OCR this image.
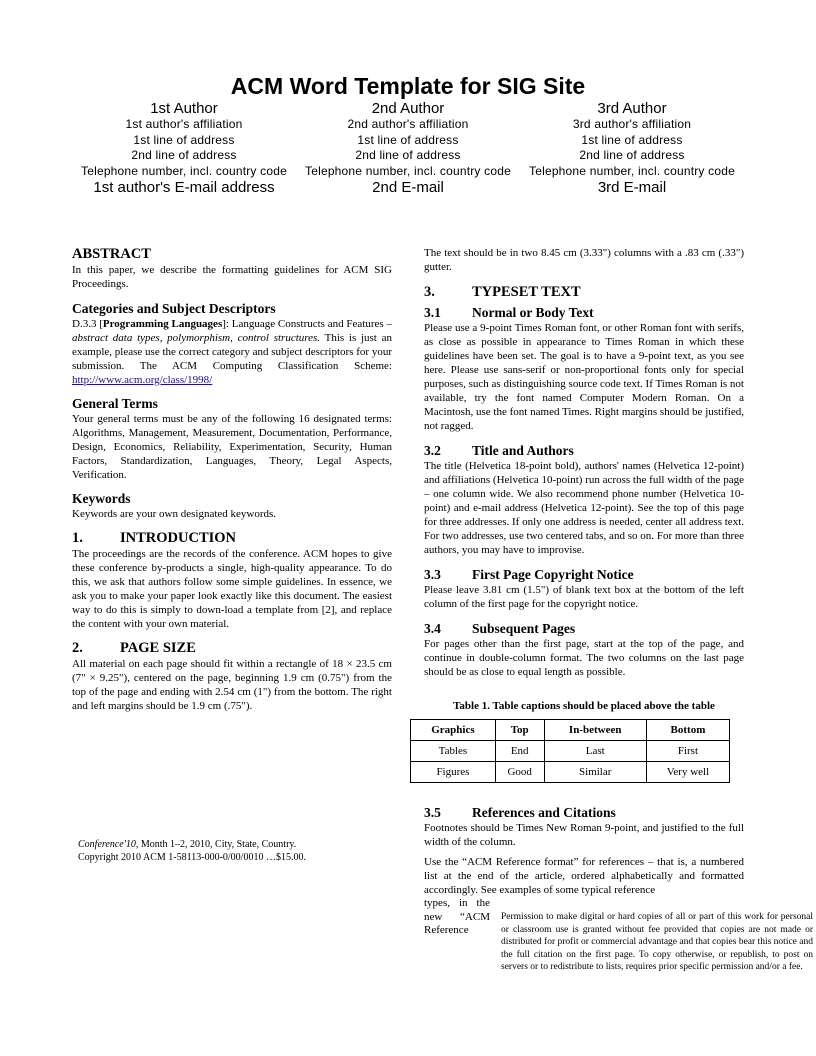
ACM Word Template for SIG Site
1st Author
1st author's affiliation
1st line of address
2nd line of address
Telephone number, incl. country code
1st author's E-mail address
2nd Author
2nd author's affiliation
1st line of address
2nd line of address
Telephone number, incl. country code
2nd E-mail
3rd Author
3rd author's affiliation
1st line of address
2nd line of address
Telephone number, incl. country code
3rd E-mail
ABSTRACT

In this paper, we describe the formatting guidelines for ACM SIG Proceedings.

Categories and Subject Descriptors

D.3.3 [Programming Languages]: Language Constructs and Features – abstract data types, polymorphism, control structures. This is just an example, please use the correct category and subject descriptors for your submission. The ACM Computing Classification Scheme: http://www.acm.org/class/1998/

General Terms

Your general terms must be any of the following 16 designated terms: Algorithms, Management, Measurement, Documentation, Performance, Design, Economics, Reliability, Experimentation, Security, Human Factors, Standardization, Languages, Theory, Legal Aspects, Verification.

Keywords

Keywords are your own designated keywords.

1.	INTRODUCTION

The proceedings are the records of the conference. ACM hopes to give these conference by-products a single, high-quality appearance. To do this, we ask that authors follow some simple guidelines. In essence, we ask you to make your paper look exactly like this document. The easiest way to do this is simply to down-load a template from [2], and replace the content with your own material.

2.	PAGE SIZE

All material on each page should fit within a rectangle of 18 × 23.5 cm (7" × 9.25"), centered on the page, beginning 1.9 cm (0.75") from the top of the page and ending with 2.54 cm (1") from the bottom. The right and left margins should be 1.9 cm (.75").

Conference'10, Month 1–2, 2010, City, State, Country.
Copyright 2010 ACM 1-58113-000-0/00/0010 …$15.00.

The text should be in two 8.45 cm (3.33") columns with a .83 cm (.33") gutter.

3.	TYPESET TEXT
3.1 Normal or Body Text

Please use a 9-point Times Roman font, or other Roman font with serifs, as close as possible in appearance to Times Roman in which these guidelines have been set. The goal is to have a 9-point text, as you see here. Please use sans-serif or non-proportional fonts only for special purposes, such as distinguishing source code text. If Times Roman is not available, try the font named Computer Modern Roman. On a Macintosh, use the font named Times. Right margins should be justified, not ragged.

3.2 Title and Authors

The title (Helvetica 18-point bold), authors' names (Helvetica 12-point) and affiliations (Helvetica 10-point) run across the full width of the page – one column wide. We also recommend phone number (Helvetica 10-point) and e-mail address (Helvetica 12-point). See the top of this page for three addresses. If only one address is needed, center all address text. For two addresses, use two centered tabs, and so on. For more than three authors, you may have to improvise.

3.3 First Page Copyright Notice

Please leave 3.81 cm (1.5") of blank text box at the bottom of the left column of the first page for the copyright notice.

3.4 Subsequent Pages

For pages other than the first page, start at the top of the page, and continue in double-column format. The two columns on the last page should be as close to equal length as possible.

Table 1. Table captions should be placed above the table
Graphics	Top	In-between	Bottom
Tables	End	Last	First
Figures	Good	Similar	Very well
3.5 References and Citations

Footnotes should be Times New Roman 9-point, and justified to the full width of the column.

Use the “ACM Reference format” for references – that is, a numbered list at the end of the article, ordered alphabetically and formatted accordingly. See examples of some typical reference

types, in the
new “ACM
Reference
Permission to make digital or hard copies of all or part of this work for personal or classroom use is granted without fee provided that copies are not made or distributed for profit or commercial advantage and that copies bear this notice and the full citation on the first page. To copy otherwise, or republish, to post on servers or to redistribute to lists, requires prior specific permission and/or a fee.
